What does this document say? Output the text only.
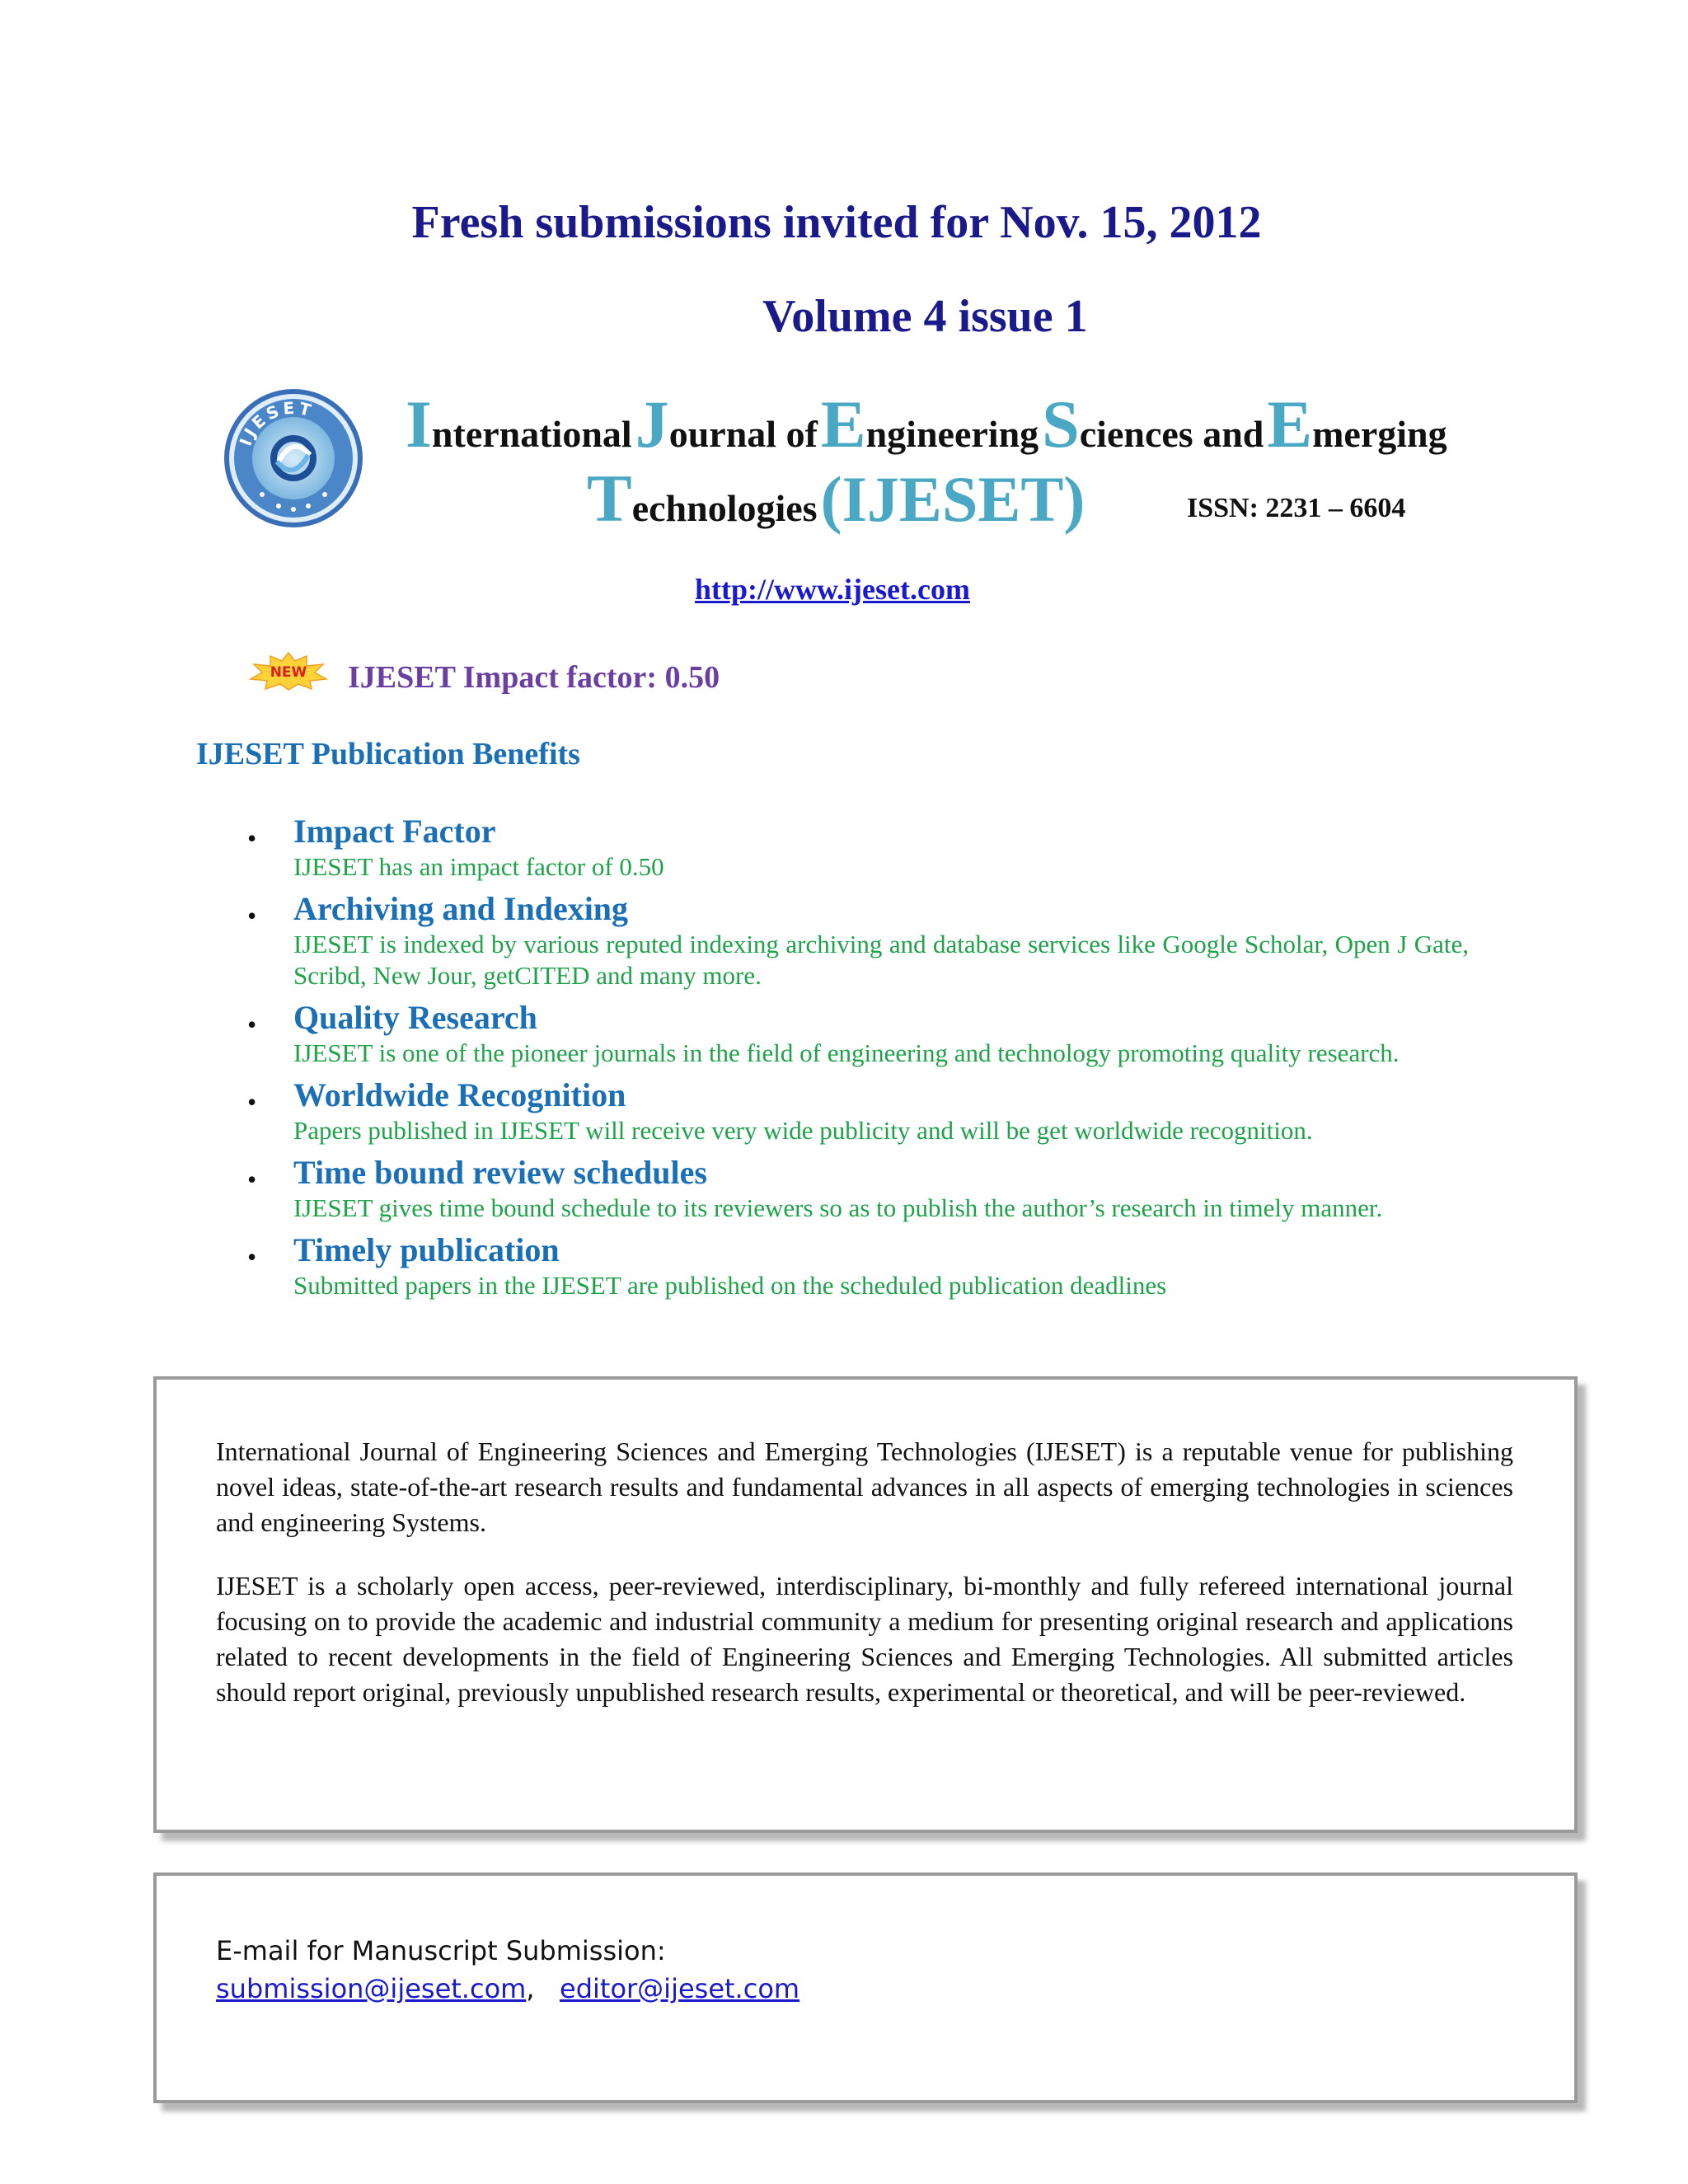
Fresh submissions invited for Nov. 15, 2012
Volume 4 issue 1
IJESET International Journal of Engineering Sciences and Emerging
Technologies (IJESET)	ISSN: 2231 – 6604
http://www.ijeset.com
NEW IJESET Impact factor: 0.50
IJESET Publication Benefits
• Impact Factor
IJESET has an impact factor of 0.50
• Archiving and Indexing
IJESET is indexed by various reputed indexing archiving and database services like Google Scholar, Open J Gate, Scribd, New Jour, getCITED and many more.
• Quality Research
IJESET is one of the pioneer journals in the field of engineering and technology promoting quality research.
• Worldwide Recognition
Papers published in IJESET will receive very wide publicity and will be get worldwide recognition.
• Time bound review schedules
IJESET gives time bound schedule to its reviewers so as to publish the author’s research in timely manner.
• Timely publication
Submitted papers in the IJESET are published on the scheduled publication deadlines

International Journal of Engineering Sciences and Emerging Technologies (IJESET) is a reputable venue for publishing novel ideas, state-of-the-art research results and fundamental advances in all aspects of emerging technologies in sciences and engineering Systems.

IJESET is a scholarly open access, peer-reviewed, interdisciplinary, bi-monthly and fully refereed international journal focusing on to provide the academic and industrial community a medium for presenting original research and applications related to recent developments in the field of Engineering Sciences and Emerging Technologies. All submitted articles should report original, previously unpublished research results, experimental or theoretical, and will be peer-reviewed.

E-mail for Manuscript Submission:
submission@ijeset.com, editor@ijeset.com
